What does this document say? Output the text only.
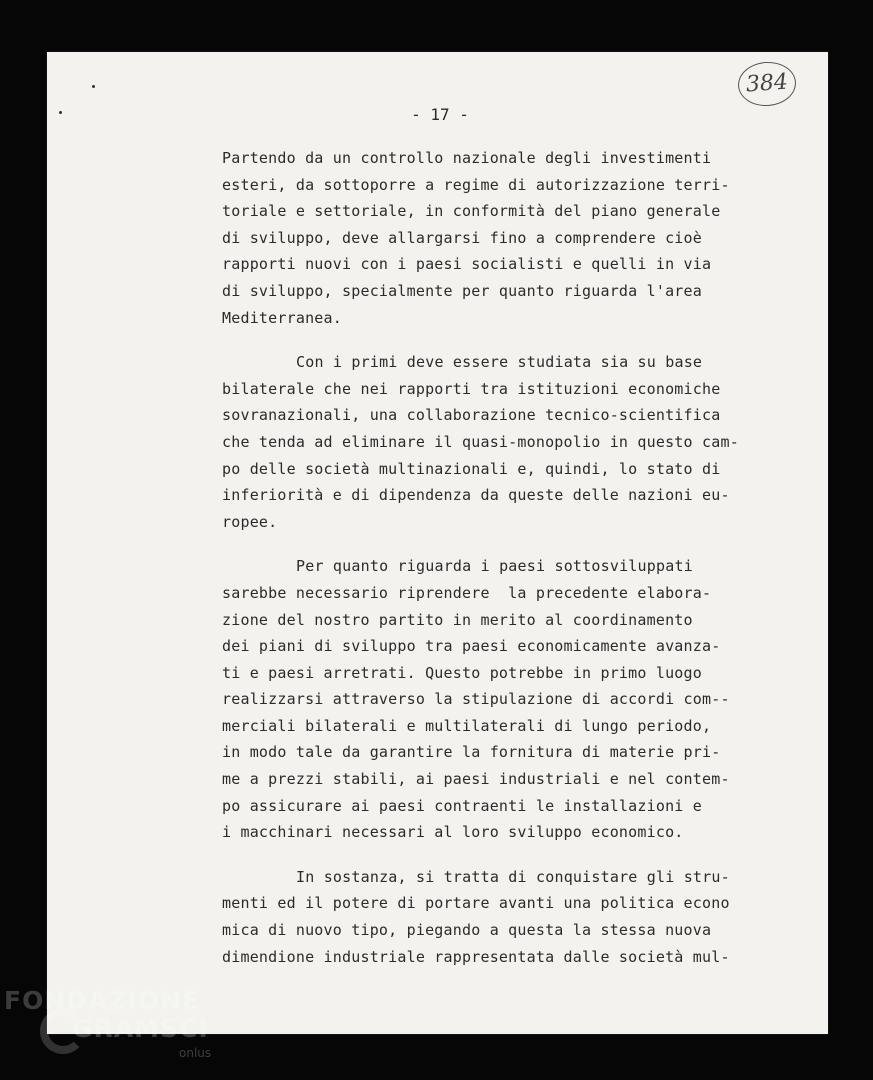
384
- 17 -
Partendo da un controllo nazionale degli investimenti
esteri, da sottoporre a regime di autorizzazione terri-
toriale e settoriale, in conformità del piano generale
di sviluppo, deve allargarsi fino a comprendere cioè
rapporti nuovi con i paesi socialisti e quelli in via
di sviluppo, specialmente per quanto riguarda l'area
Mediterranea.
Con i primi deve essere studiata sia su base
bilaterale che nei rapporti tra istituzioni economiche
sovranazionali, una collaborazione tecnico-scientifica
che tenda ad eliminare il quasi-monopolio in questo cam-
po delle società multinazionali e, quindi, lo stato di
inferiorità e di dipendenza da queste delle nazioni eu-
ropee.
Per quanto riguarda i paesi sottosviluppati
sarebbe necessario riprendere  la precedente elabora-
zione del nostro partito in merito al coordinamento
dei piani di sviluppo tra paesi economicamente avanza-
ti e paesi arretrati. Questo potrebbe in primo luogo
realizzarsi attraverso la stipulazione di accordi com--
merciali bilaterali e multilaterali di lungo periodo,
in modo tale da garantire la fornitura di materie pri-
me a prezzi stabili, ai paesi industriali e nel contem-
po assicurare ai paesi contraenti le installazioni e
i macchinari necessari al loro sviluppo economico.
In sostanza, si tratta di conquistare gli stru-
menti ed il potere di portare avanti una politica econo
mica di nuovo tipo, piegando a questa la stessa nuova
dimendione industriale rappresentata dalle società mul-
FONDAZIONE
GRAMSCI
onlus
